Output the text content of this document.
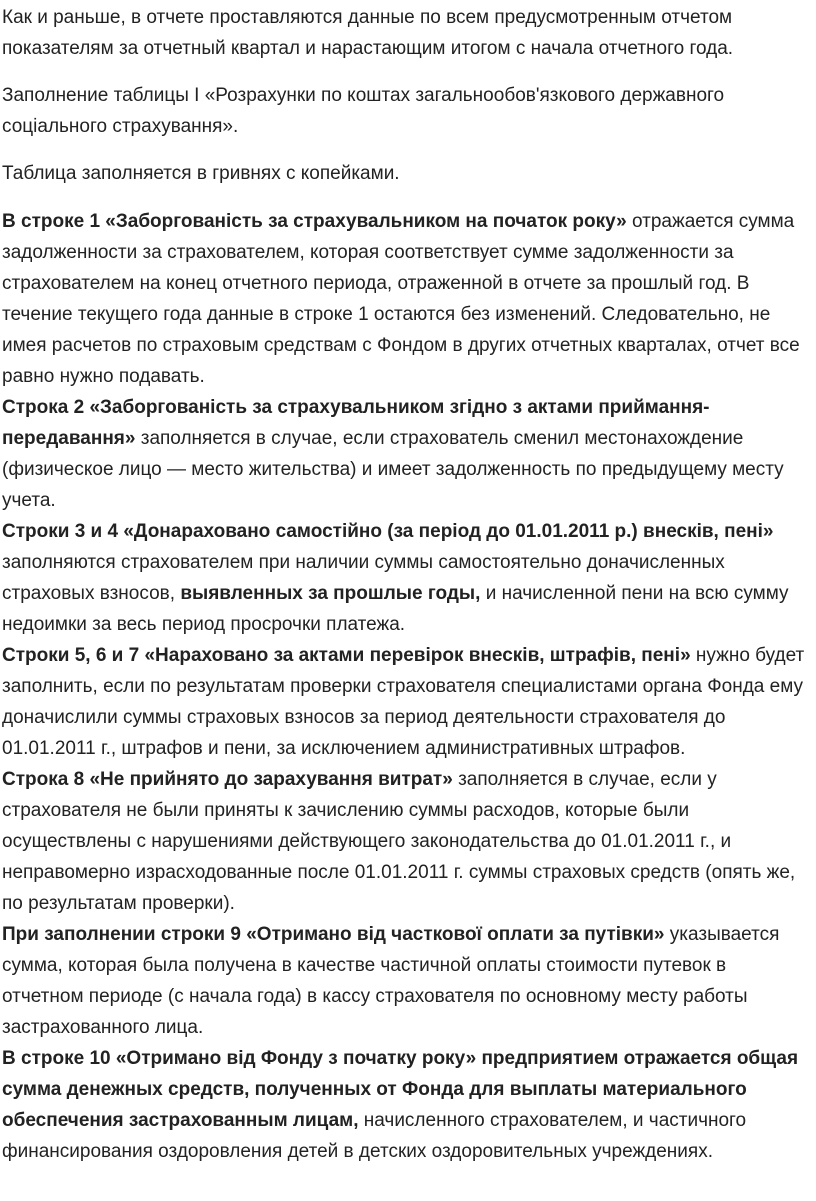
Как и раньше, в отчете проставляются данные по всем предусмотренным отчетом показателям за отчетный квартал и нарастающим итогом с начала отчетного года.

Заполнение таблицы I «Розрахунки по коштах загальнообов'язкового державного соціального страхування».

Таблица заполняется в гривнях с копейками.

В строке 1 «Заборгованість за страхувальником на початок року» отражается сумма задолженности за страхователем, которая соответствует сумме задолженности за страхователем на конец отчетного периода, отраженной в отчете за прошлый год. В течение текущего года данные в строке 1 остаются без изменений. Следовательно, не имея расчетов по страховым средствам с Фондом в других отчетных кварталах, отчет все равно нужно подавать.

Строка 2 «Заборгованість за страхувальником згідно з актами приймання-передавання» заполняется в случае, если страхователь сменил местонахождение (физическое лицо — место жительства) и имеет задолженность по предыдущему месту учета.

Строки 3 и 4 «Донараховано самостійно (за період до 01.01.2011 р.) внесків, пені» заполняются страхователем при наличии суммы самостоятельно доначисленных страховых взносов, выявленных за прошлые годы, и начисленной пени на всю сумму недоимки за весь период просрочки платежа.

Строки 5, 6 и 7 «Нараховано за актами перевірок внесків, штрафів, пені» нужно будет заполнить, если по результатам проверки страхователя специалистами органа Фонда ему доначислили суммы страховых взносов за период деятельности страхователя до 01.01.2011 г., штрафов и пени, за исключением административных штрафов.

Строка 8 «Не прийнято до зарахування витрат» заполняется в случае, если у страхователя не были приняты к зачислению суммы расходов, которые были осуществлены с нарушениями действующего законодательства до 01.01.2011 г., и неправомерно израсходованные после 01.01.2011 г. суммы страховых средств (опять же, по результатам проверки).

При заполнении строки 9 «Отримано від часткової оплати за путівки» указывается сумма, которая была получена в качестве частичной оплаты стоимости путевок в отчетном периоде (с начала года) в кассу страхователя по основному месту работы застрахованного лица.

В строке 10 «Отримано від Фонду з початку року» предприятием отражается общая сумма денежных средств, полученных от Фонда для выплаты материального обеспечения застрахованным лицам, начисленного страхователем, и частичного финансирования оздоровления детей в детских оздоровительных учреждениях.
